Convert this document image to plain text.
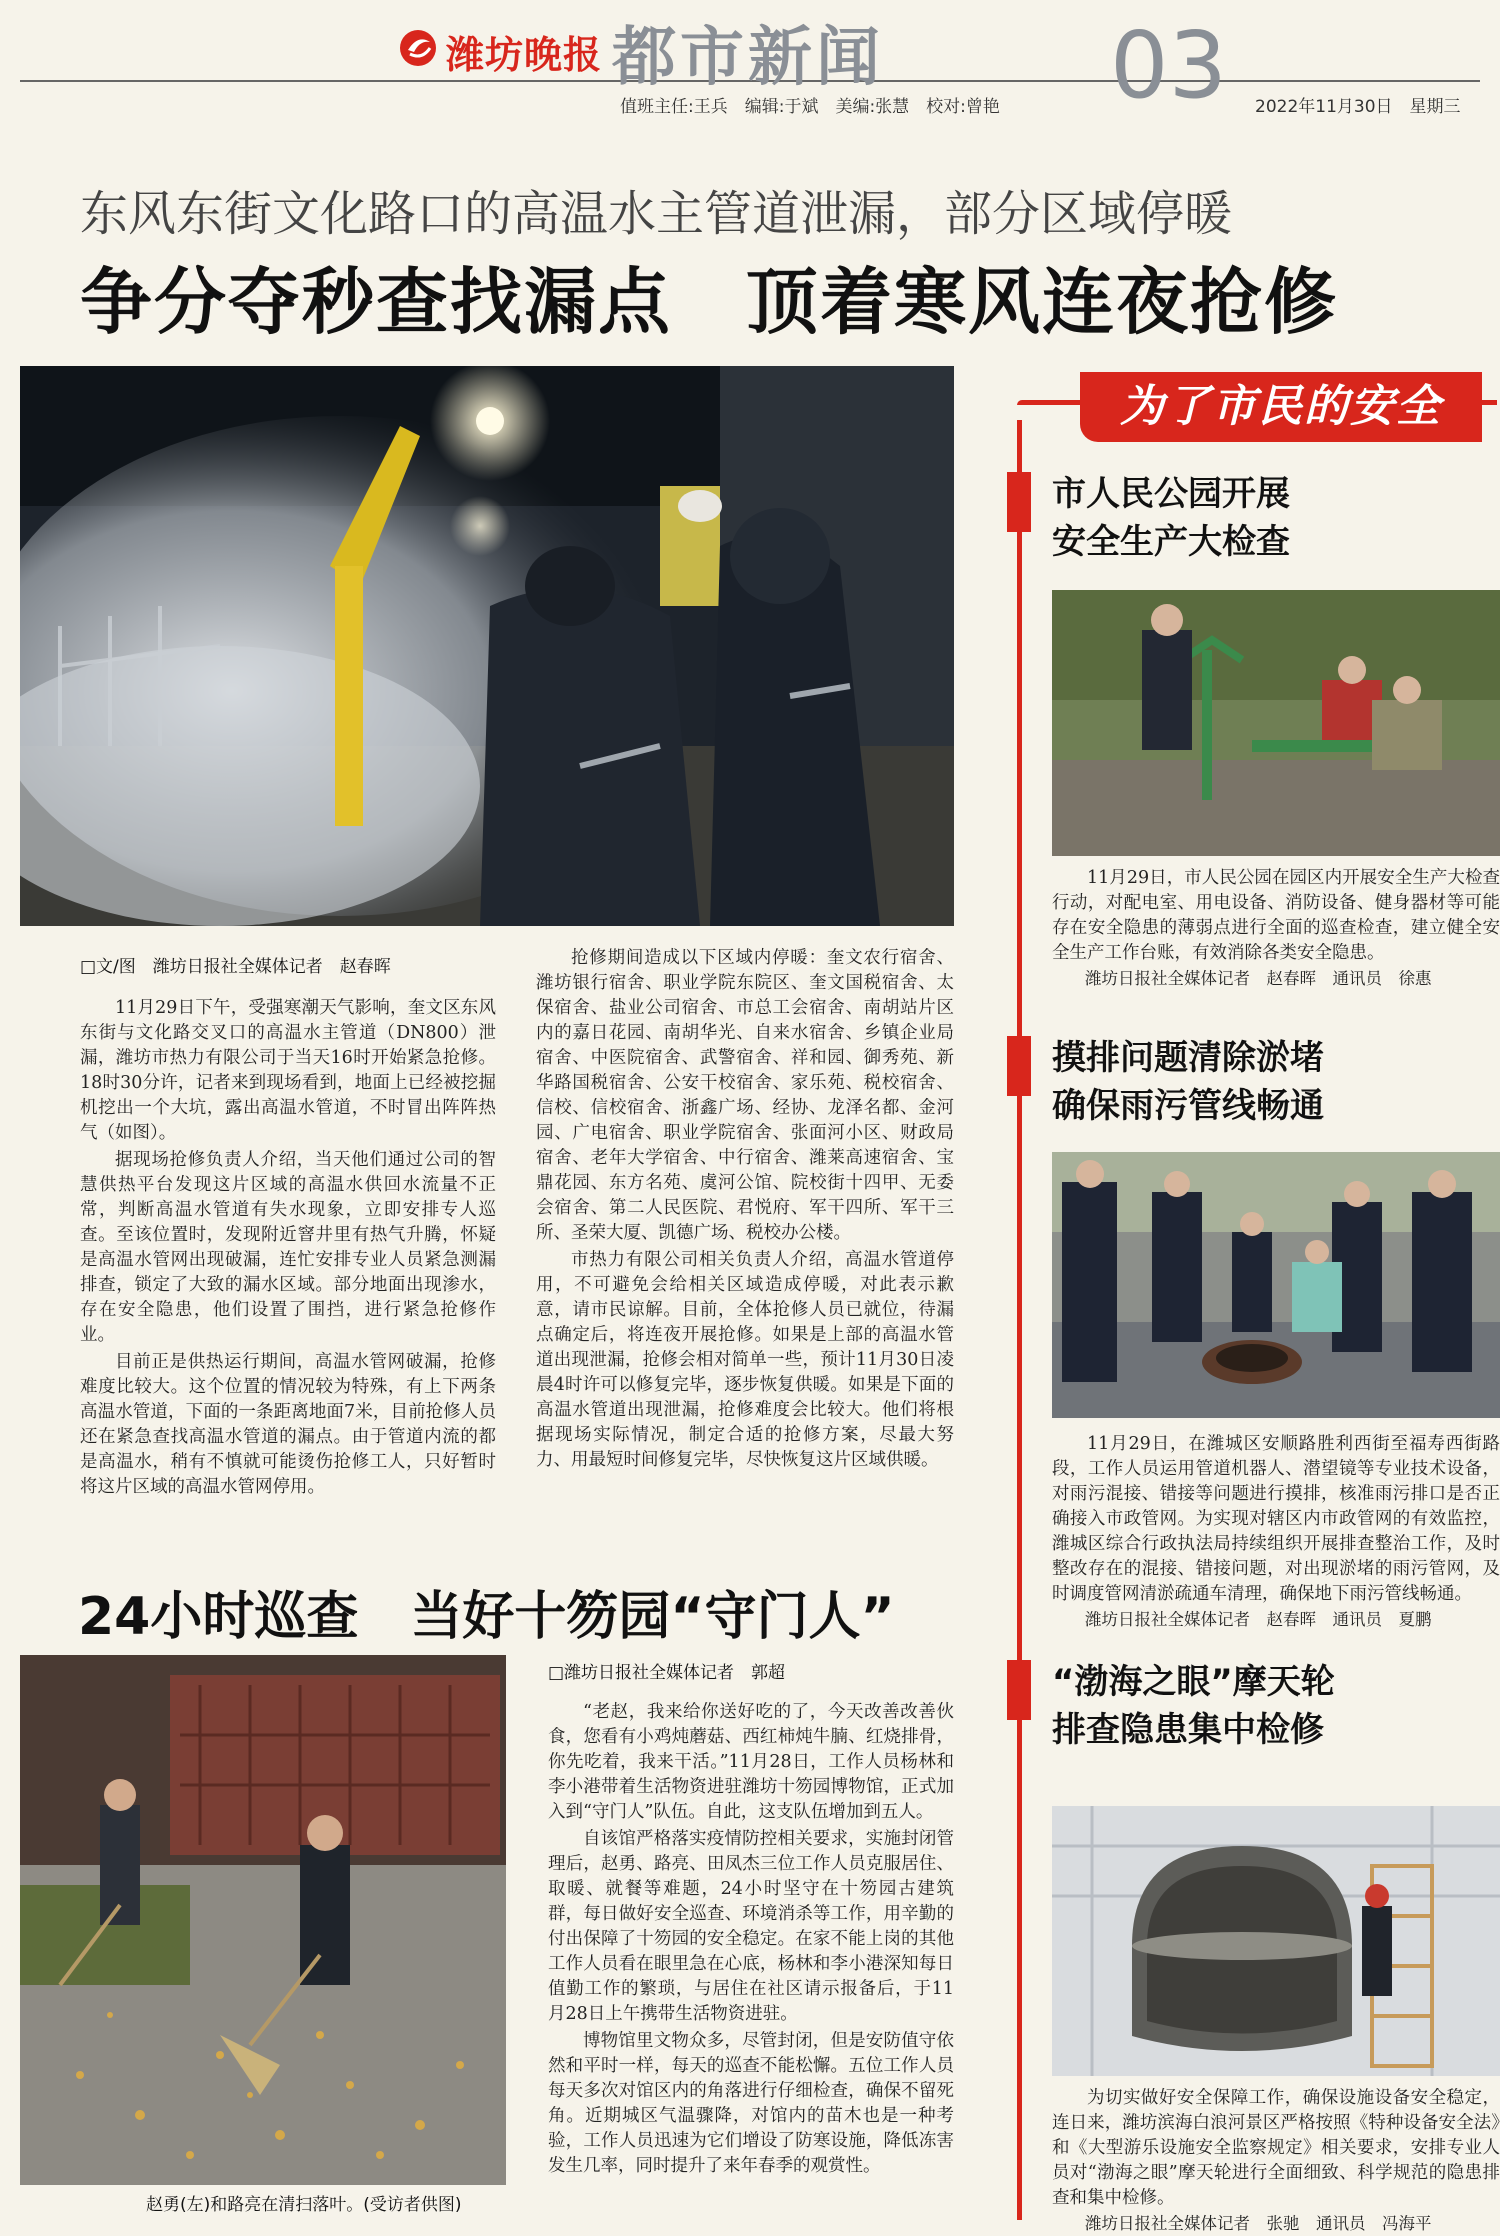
潍坊晚报 都市新闻 03
值班主任:王兵　编辑:于斌　美编:张慧　校对:曾艳	2022年11月30日　星期三
东风东街文化路口的高温水主管道泄漏，部分区域停暖
争分夺秒查找漏点　顶着寒风连夜抢修
□文/图　潍坊日报社全媒体记者　赵春晖

11月29日下午，受强寒潮天气影响，奎文区东风东街与文化路交叉口的高温水主管道（DN800）泄漏，潍坊市热力有限公司于当天16时开始紧急抢修。18时30分许，记者来到现场看到，地面上已经被挖掘机挖出一个大坑，露出高温水管道，不时冒出阵阵热气（如图）。

据现场抢修负责人介绍，当天他们通过公司的智慧供热平台发现这片区域的高温水供回水流量不正常，判断高温水管道有失水现象，立即安排专人巡查。至该位置时，发现附近窨井里有热气升腾，怀疑是高温水管网出现破漏，连忙安排专业人员紧急测漏排查，锁定了大致的漏水区域。部分地面出现渗水，存在安全隐患，他们设置了围挡，进行紧急抢修作业。

目前正是供热运行期间，高温水管网破漏，抢修难度比较大。这个位置的情况较为特殊，有上下两条高温水管道，下面的一条距离地面7米，目前抢修人员还在紧急查找高温水管道的漏点。由于管道内流的都是高温水，稍有不慎就可能烫伤抢修工人，只好暂时将这片区域的高温水管网停用。

抢修期间造成以下区域内停暖：奎文农行宿舍、潍坊银行宿舍、职业学院东院区、奎文国税宿舍、太保宿舍、盐业公司宿舍、市总工会宿舍、南胡站片区内的嘉日花园、南胡华光、自来水宿舍、乡镇企业局宿舍、中医院宿舍、武警宿舍、祥和园、御秀苑、新华路国税宿舍、公安干校宿舍、家乐苑、税校宿舍、信校、信校宿舍、浙鑫广场、经协、龙泽名都、金河园、广电宿舍、职业学院宿舍、张面河小区、财政局宿舍、老年大学宿舍、中行宿舍、潍莱高速宿舍、宝鼎花园、东方名苑、虞河公馆、院校街十四甲、无委会宿舍、第二人民医院、君悦府、军干四所、军干三所、圣荣大厦、凯德广场、税校办公楼。

市热力有限公司相关负责人介绍，高温水管道停用，不可避免会给相关区域造成停暖，对此表示歉意，请市民谅解。目前，全体抢修人员已就位，待漏点确定后，将连夜开展抢修。如果是上部的高温水管道出现泄漏，抢修会相对简单一些，预计11月30日凌晨4时许可以修复完毕，逐步恢复供暖。如果是下面的高温水管道出现泄漏，抢修难度会比较大。他们将根据现场实际情况，制定合适的抢修方案，尽最大努力、用最短时间修复完毕，尽快恢复这片区域供暖。

24小时巡查　当好十笏园“守门人”
□潍坊日报社全媒体记者　郭超

“老赵，我来给你送好吃的了，今天改善改善伙食，您看有小鸡炖蘑菇、西红柿炖牛腩、红烧排骨，你先吃着，我来干活。”11月28日，工作人员杨林和李小港带着生活物资进驻潍坊十笏园博物馆，正式加入到“守门人”队伍。自此，这支队伍增加到五人。

自该馆严格落实疫情防控相关要求，实施封闭管理后，赵勇、路亮、田凤杰三位工作人员克服居住、取暖、就餐等难题，24小时坚守在十笏园古建筑群，每日做好安全巡查、环境消杀等工作，用辛勤的付出保障了十笏园的安全稳定。在家不能上岗的其他工作人员看在眼里急在心底，杨林和李小港深知每日值勤工作的繁琐，与居住在社区请示报备后，于11月28日上午携带生活物资进驻。

博物馆里文物众多，尽管封闭，但是安防值守依然和平时一样，每天的巡查不能松懈。五位工作人员每天多次对馆区内的角落进行仔细检查，确保不留死角。近期城区气温骤降，对馆内的苗木也是一种考验，工作人员迅速为它们增设了防寒设施，降低冻害发生几率，同时提升了来年春季的观赏性。

赵勇(左)和路亮在清扫落叶。(受访者供图)
为了市民的安全
市人民公园开展
安全生产大检查

11月29日，市人民公园在园区内开展安全生产大检查行动，对配电室、用电设备、消防设备、健身器材等可能存在安全隐患的薄弱点进行全面的巡查检查，建立健全安全生产工作台账，有效消除各类安全隐患。

潍坊日报社全媒体记者　赵春晖　通讯员　徐惠

摸排问题清除淤堵
确保雨污管线畅通

11月29日，在潍城区安顺路胜利西街至福寿西街路段，工作人员运用管道机器人、潜望镜等专业技术设备，对雨污混接、错接等问题进行摸排，核准雨污排口是否正确接入市政管网。为实现对辖区内市政管网的有效监控，潍城区综合行政执法局持续组织开展排查整治工作，及时整改存在的混接、错接问题，对出现淤堵的雨污管网，及时调度管网清淤疏通车清理，确保地下雨污管线畅通。

潍坊日报社全媒体记者　赵春晖　通讯员　夏鹏

“渤海之眼”摩天轮
排查隐患集中检修

为切实做好安全保障工作，确保设施设备安全稳定，连日来，潍坊滨海白浪河景区严格按照《特种设备安全法》和《大型游乐设施安全监察规定》相关要求，安排专业人员对“渤海之眼”摩天轮进行全面细致、科学规范的隐患排查和集中检修。

潍坊日报社全媒体记者　张驰　通讯员　冯海平
